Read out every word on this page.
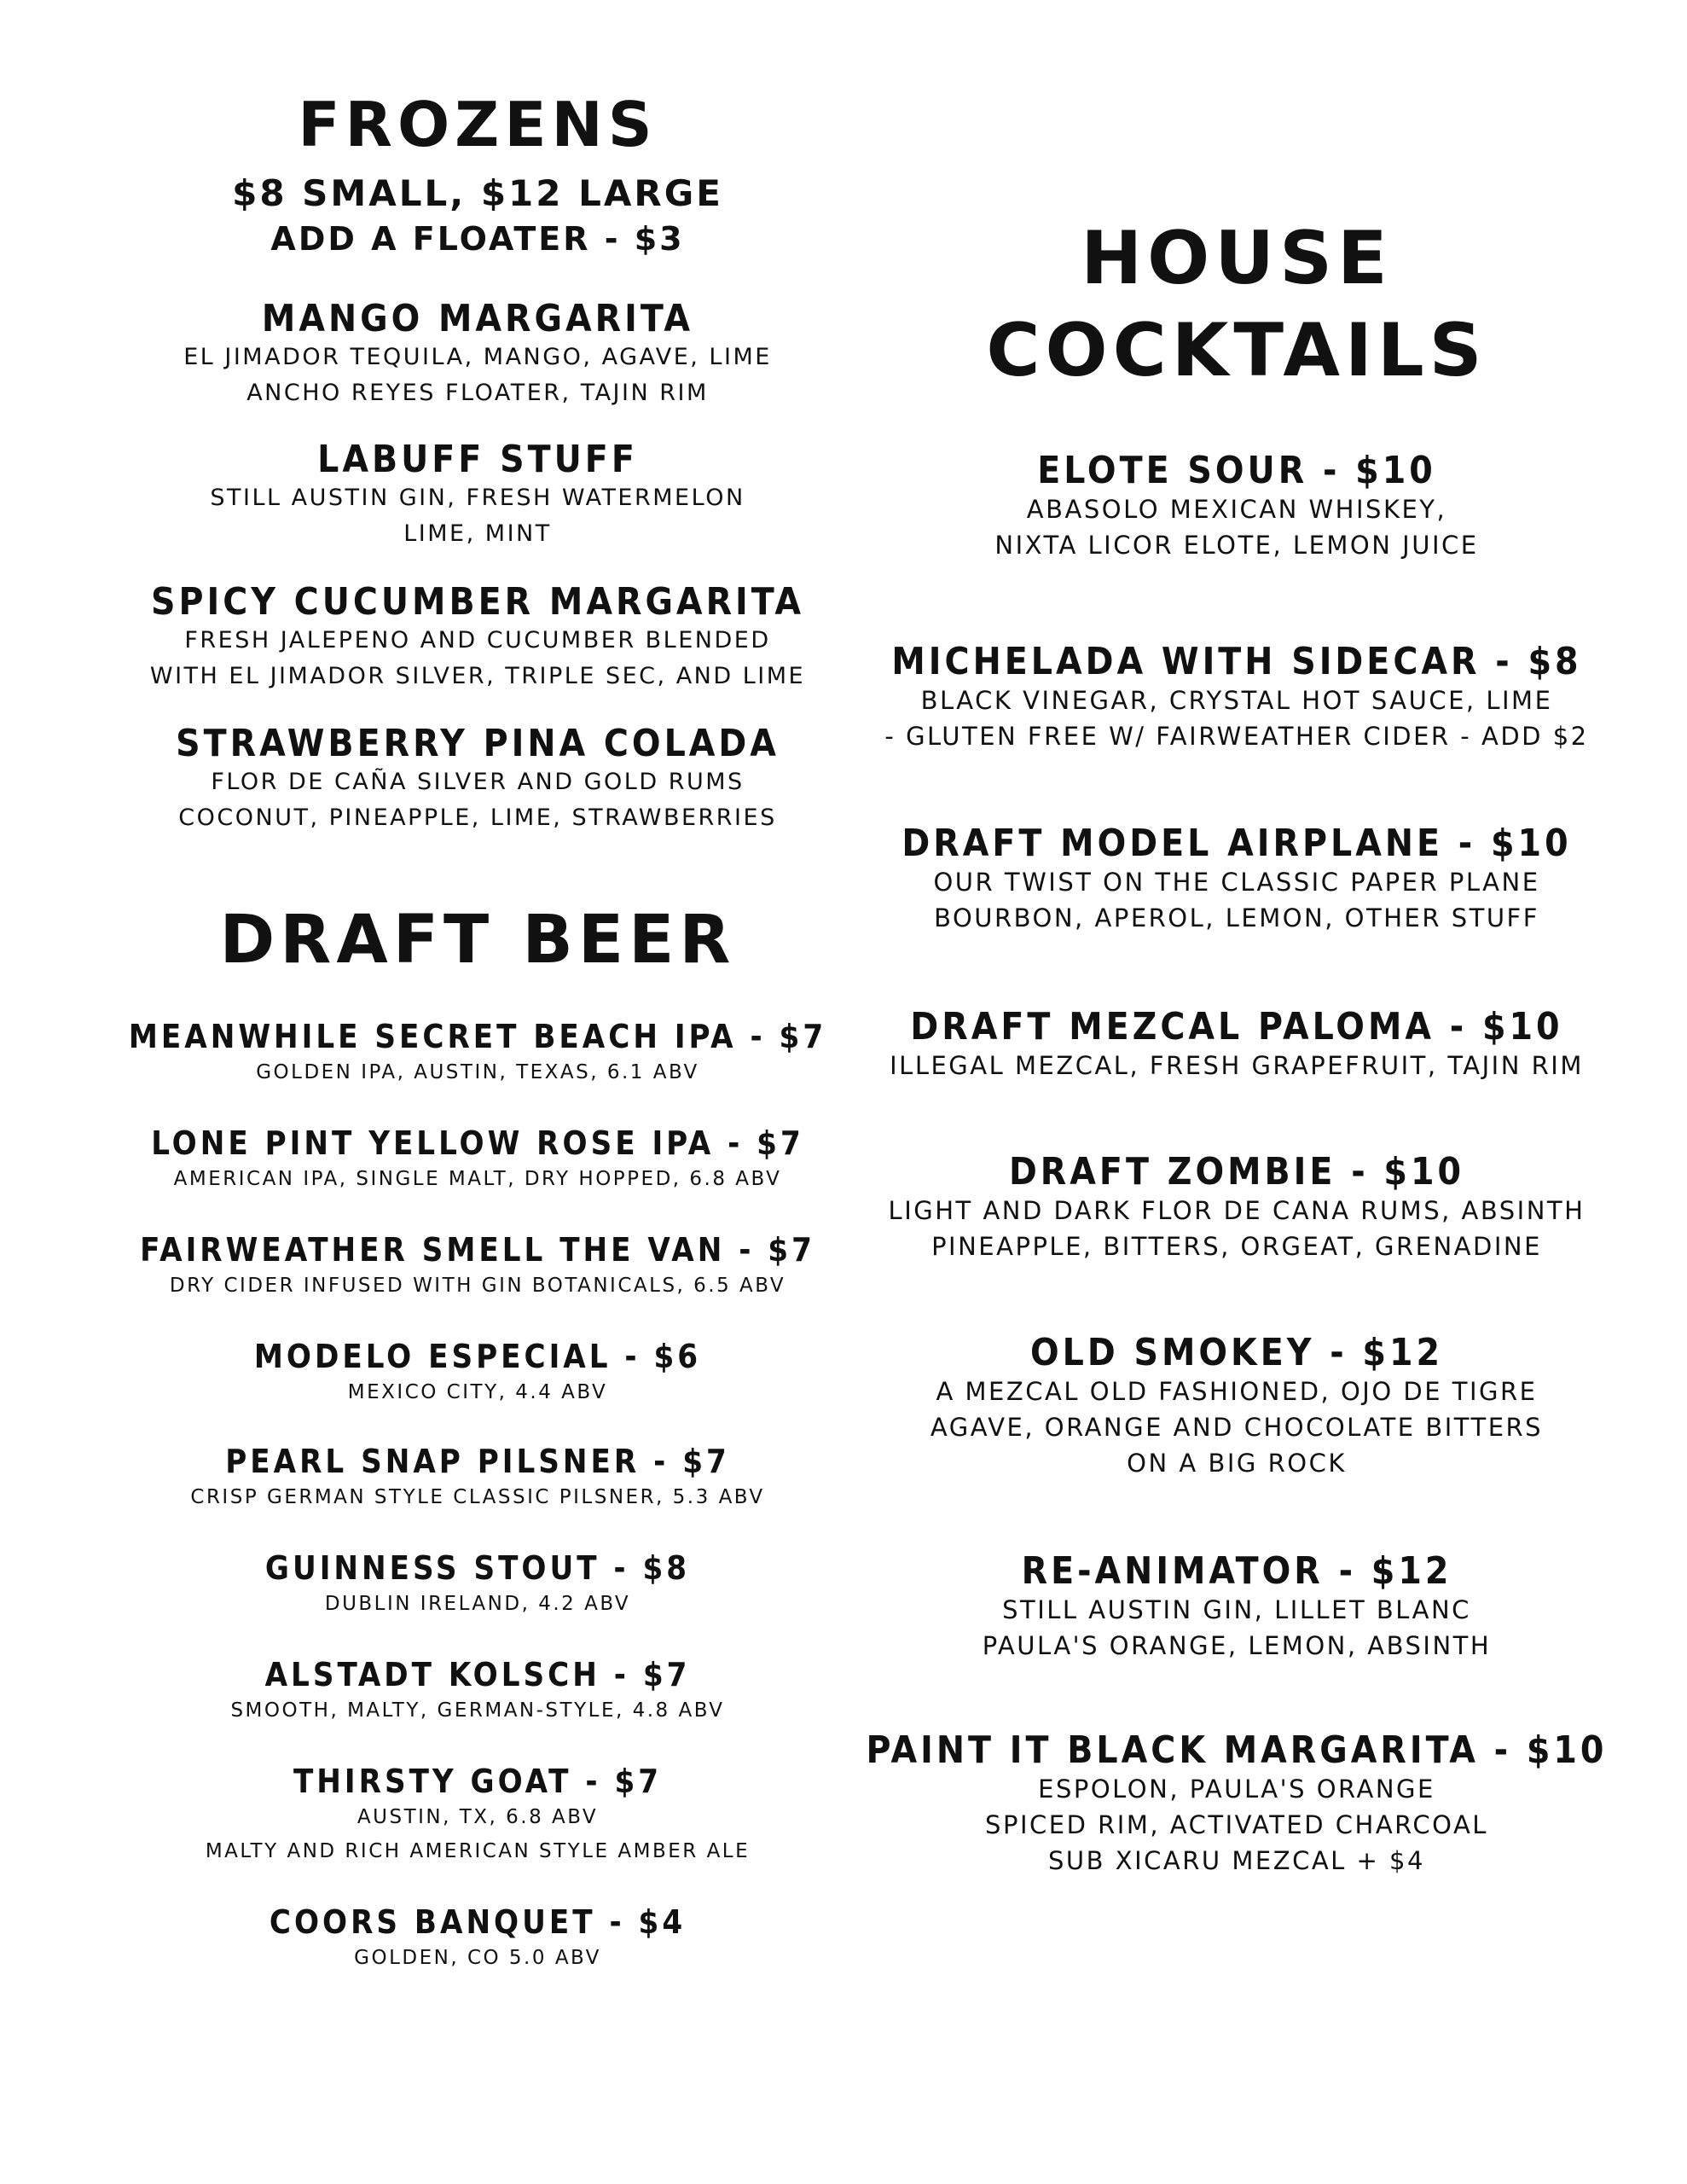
FROZENS

$8 SMALL, $12 LARGE

ADD A FLOATER - $3

MANGO MARGARITA

EL JIMADOR TEQUILA, MANGO, AGAVE, LIME

ANCHO REYES FLOATER, TAJIN RIM

LABUFF STUFF

STILL AUSTIN GIN, FRESH WATERMELON

LIME, MINT

SPICY CUCUMBER MARGARITA

FRESH JALEPENO AND CUCUMBER BLENDED

WITH EL JIMADOR SILVER, TRIPLE SEC, AND LIME

STRAWBERRY PINA COLADA

FLOR DE CAÑA SILVER AND GOLD RUMS

COCONUT, PINEAPPLE, LIME, STRAWBERRIES

DRAFT BEER

MEANWHILE SECRET BEACH IPA - $7

GOLDEN IPA, AUSTIN, TEXAS, 6.1 ABV

LONE PINT YELLOW ROSE IPA - $7

AMERICAN IPA, SINGLE MALT, DRY HOPPED, 6.8 ABV

FAIRWEATHER SMELL THE VAN - $7

DRY CIDER INFUSED WITH GIN BOTANICALS, 6.5 ABV

MODELO ESPECIAL - $6

MEXICO CITY, 4.4 ABV

PEARL SNAP PILSNER - $7

CRISP GERMAN STYLE CLASSIC PILSNER, 5.3 ABV

GUINNESS STOUT - $8

DUBLIN IRELAND, 4.2 ABV

ALSTADT KOLSCH - $7

SMOOTH, MALTY, GERMAN-STYLE, 4.8 ABV

THIRSTY GOAT - $7

AUSTIN, TX, 6.8 ABV

MALTY AND RICH AMERICAN STYLE AMBER ALE

COORS BANQUET - $4

GOLDEN, CO 5.0 ABV

HOUSE
COCKTAILS

ELOTE SOUR - $10

ABASOLO MEXICAN WHISKEY,

NIXTA LICOR ELOTE, LEMON JUICE

MICHELADA WITH SIDECAR - $8

BLACK VINEGAR, CRYSTAL HOT SAUCE, LIME

- GLUTEN FREE W/ FAIRWEATHER CIDER - ADD $2

DRAFT MODEL AIRPLANE - $10

OUR TWIST ON THE CLASSIC PAPER PLANE

BOURBON, APEROL, LEMON, OTHER STUFF

DRAFT MEZCAL PALOMA - $10

ILLEGAL MEZCAL, FRESH GRAPEFRUIT, TAJIN RIM

DRAFT ZOMBIE - $10

LIGHT AND DARK FLOR DE CANA RUMS, ABSINTH

PINEAPPLE, BITTERS, ORGEAT, GRENADINE

OLD SMOKEY - $12

A MEZCAL OLD FASHIONED, OJO DE TIGRE

AGAVE, ORANGE AND CHOCOLATE BITTERS

ON A BIG ROCK

RE-ANIMATOR - $12

STILL AUSTIN GIN, LILLET BLANC

PAULA'S ORANGE, LEMON, ABSINTH

PAINT IT BLACK MARGARITA - $10

ESPOLON, PAULA'S ORANGE

SPICED RIM, ACTIVATED CHARCOAL

SUB XICARU MEZCAL + $4
